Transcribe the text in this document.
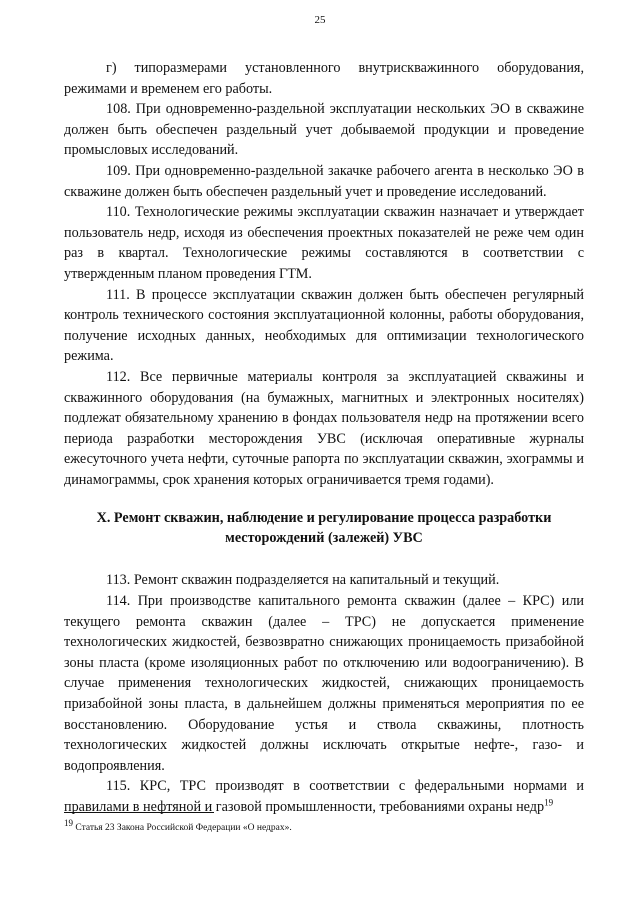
25

г) типоразмерами установленного внутрискважинного оборудования, режимами и временем его работы.

108. При одновременно-раздельной эксплуатации нескольких ЭО в скважине должен быть обеспечен раздельный учет добываемой продукции и проведение промысловых исследований.

109. При одновременно-раздельной закачке рабочего агента в несколько ЭО в скважине должен быть обеспечен раздельный учет и проведение исследований.

110. Технологические режимы эксплуатации скважин назначает и утверждает пользователь недр, исходя из обеспечения проектных показателей не реже чем один раз в квартал. Технологические режимы составляются в соответствии с утвержденным планом проведения ГТМ.

111. В процессе эксплуатации скважин должен быть обеспечен регулярный контроль технического состояния эксплуатационной колонны, работы оборудования, получение исходных данных, необходимых для оптимизации технологического режима.

112. Все первичные материалы контроля за эксплуатацией скважины и скважинного оборудования (на бумажных, магнитных и электронных носителях) подлежат обязательному хранению в фондах пользователя недр на протяжении всего периода разработки месторождения УВС (исключая оперативные журналы ежесуточного учета нефти, суточные рапорта по эксплуатации скважин, эхограммы и динамограммы, срок хранения которых ограничивается тремя годами).

X. Ремонт скважин, наблюдение и регулирование процесса разработки месторождений (залежей) УВС

113. Ремонт скважин подразделяется на капитальный и текущий.

114. При производстве капитального ремонта скважин (далее – КРС) или текущего ремонта скважин (далее – ТРС) не допускается применение технологических жидкостей, безвозвратно снижающих проницаемость призабойной зоны пласта (кроме изоляционных работ по отключению или водоограничению). В случае применения технологических жидкостей, снижающих проницаемость призабойной зоны пласта, в дальнейшем должны применяться мероприятия по ее восстановлению. Оборудование устья и ствола скважины, плотность технологических жидкостей должны исключать открытые нефте-, газо- и водопроявления.

115. КРС, ТРС производят в соответствии с федеральными нормами и правилами в нефтяной и газовой промышленности, требованиями охраны недр$^{19}$

$^{19}$ Статья 23 Закона Российской Федерации «О недрах».
